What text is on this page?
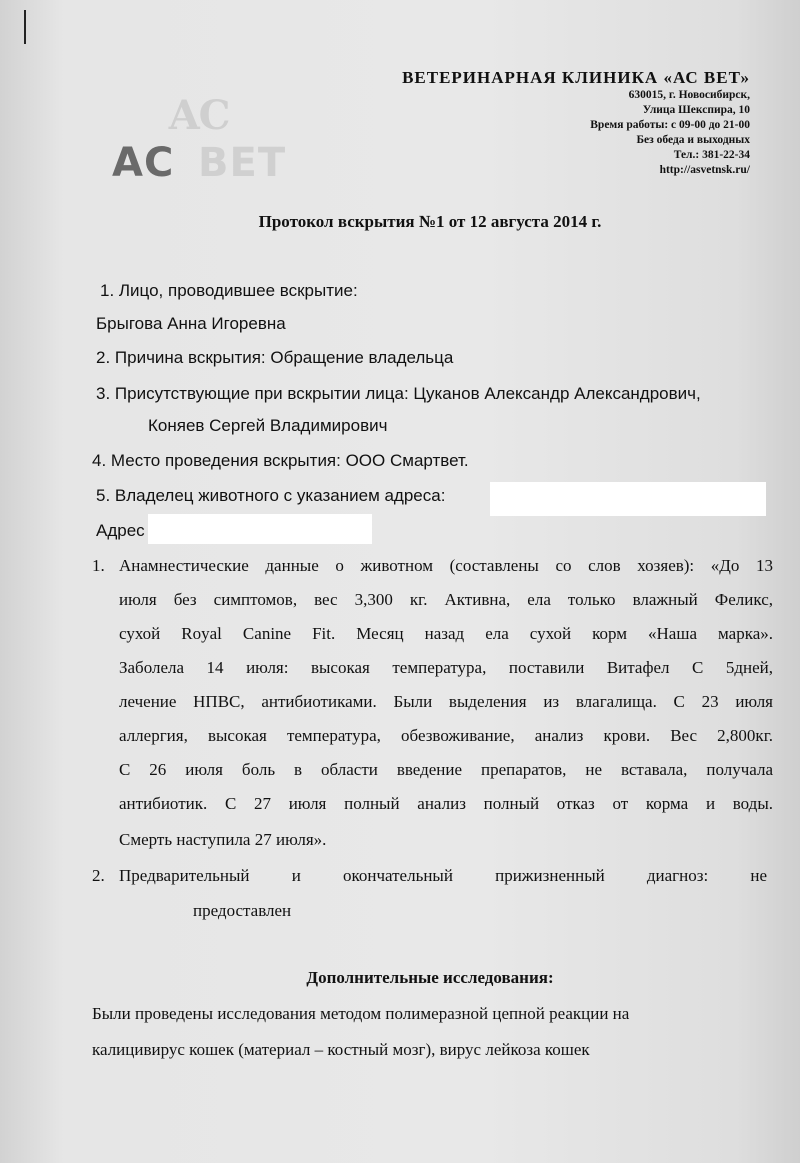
АС
АС ВЕТ
ВЕТЕРИНАРНАЯ КЛИНИКА «АС ВЕТ»
630015, г. Новосибирск,
Улица Шекспира, 10
Время работы: с 09-00 до 21-00
Без обеда и выходных
Тел.: 381-22-34
http://asvetnsk.ru/
Протокол вскрытия №1 от 12 августа 2014 г.
1. Лицо, проводившее вскрытие:
Брыгова Анна Игоревна
2. Причина вскрытия: Обращение владельца
3. Присутствующие при вскрытии лица: Цуканов Александр Александрович,
Коняев Сергей Владимирович
4. Место проведения вскрытия: ООО Смартвет.
5. Владелец животного с указанием адреса:
Адрес
1. Анамнестические данные о животном (составлены со слов хозяев): «До 13
июля без симптомов, вес 3,300 кг. Активна, ела только влажный Феликс,
сухой Royal Canine Fit. Месяц назад ела сухой корм «Наша марка».
Заболела 14 июля: высокая температура, поставили Витафел С 5дней,
лечение НПВС, антибиотиками. Были выделения из влагалища. С 23 июля
аллергия, высокая температура, обезвоживание, анализ крови. Вес 2,800кг.
С 26 июля боль в области введение препаратов, не вставала, получала
антибиотик. С 27 июля полный анализ полный отказ от корма и воды.
Смерть наступила 27 июля».
2. Предварительный и окончательный прижизненный диагноз: не
предоставлен
Дополнительные исследования:
Были проведены исследования методом полимеразной цепной реакции на
калицивирус кошек (материал – костный мозг), вирус лейкоза кошек
